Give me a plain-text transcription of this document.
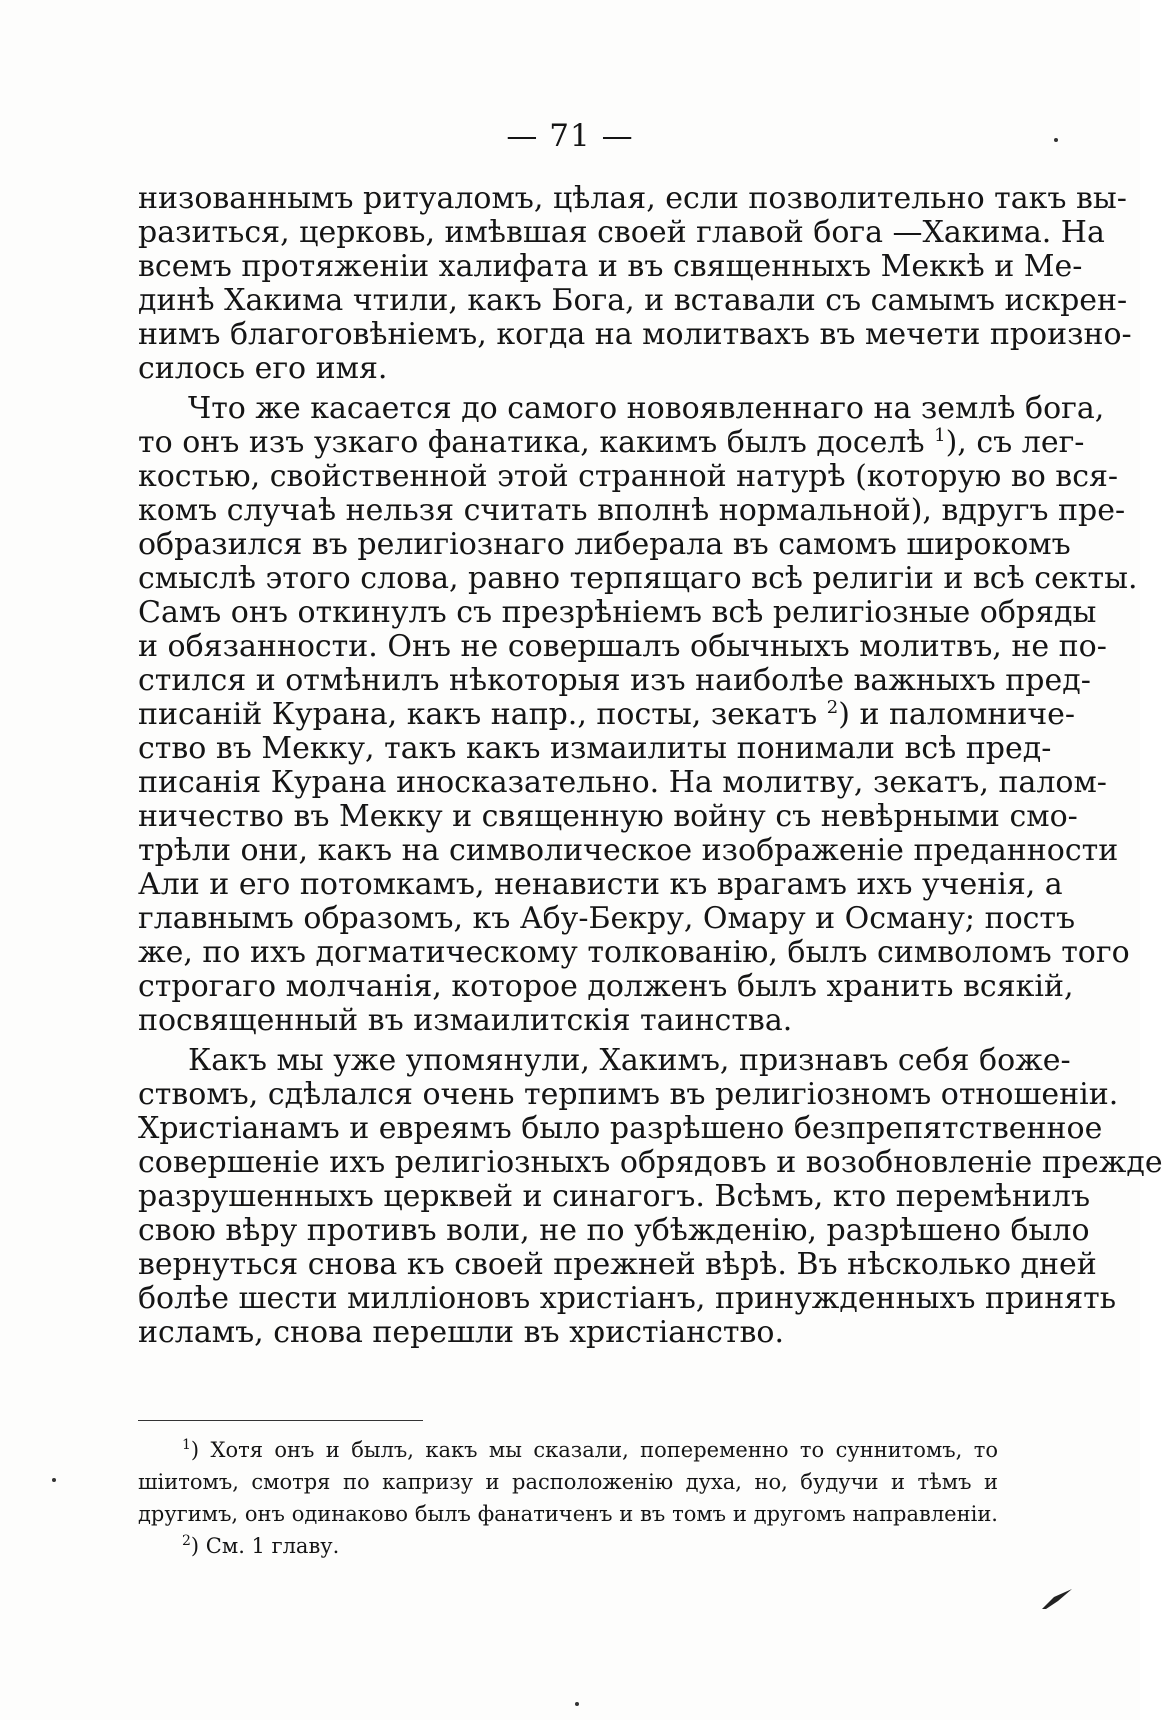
— 71 —
низованнымъ ритуаломъ, цѣлая, если позволительно такъ вы-
разиться, церковь, имѣвшая своей главой бога —Хакима. На
всемъ протяженіи халифата и въ священныхъ Меккѣ и Ме-
динѣ Хакима чтили, какъ Бога, и вставали съ самымъ искрен-
нимъ благоговѣніемъ, когда на молитвахъ въ мечети произно-
силось его имя.
Что же касается до самого новоявленнаго на землѣ бога,
то онъ изъ узкаго фанатика, какимъ былъ доселѣ $^1$), съ лег-
костью, свойственной этой странной натурѣ (которую во вся-
комъ случаѣ нельзя считать вполнѣ нормальной), вдругъ пре-
образился въ религіознаго либерала въ самомъ широкомъ
смыслѣ этого слова, равно терпящаго всѣ религіи и всѣ секты.
Самъ онъ откинулъ съ презрѣніемъ всѣ религіозные обряды
и обязанности. Онъ не совершалъ обычныхъ молитвъ, не по-
стился и отмѣнилъ нѣкоторыя изъ наиболѣе важныхъ пред-
писаній Курана, какъ напр., посты, зекатъ $^2$) и паломниче-
ство въ Мекку, такъ какъ измаилиты понимали всѣ пред-
писанія Курана иносказательно. На молитву, зекатъ, палом-
ничество въ Мекку и священную войну съ невѣрными смо-
трѣли они, какъ на символическое изображеніе преданности
Али и его потомкамъ, ненависти къ врагамъ ихъ ученія, а
главнымъ образомъ, къ Абу-Бекру, Омару и Осману; постъ
же, по ихъ догматическому толкованію, былъ символомъ того
строгаго молчанія, которое долженъ былъ хранить всякій,
посвященный въ измаилитскія таинства.
Какъ мы уже упомянули, Хакимъ, признавъ себя боже-
ствомъ, сдѣлался очень терпимъ въ религіозномъ отношеніи.
Христіанамъ и евреямъ было разрѣшено безпрепятственное
совершеніе ихъ религіозныхъ обрядовъ и возобновленіе прежде
разрушенныхъ церквей и синагогъ. Всѣмъ, кто перемѣнилъ
свою вѣру противъ воли, не по убѣжденію, разрѣшено было
вернуться снова къ своей прежней вѣрѣ. Въ нѣсколько дней
болѣе шести милліоновъ христіанъ, принужденныхъ принять
исламъ, снова перешли въ христіанство.
$^1$) Хотя онъ и былъ, какъ мы сказали, попеременно то суннитомъ, то
шіитомъ, смотря по капризу и расположенію духа, но, будучи и тѣмъ и
другимъ, онъ одинаково былъ фанатиченъ и въ томъ и другомъ направленіи.
$^2$) См. 1 главу.
